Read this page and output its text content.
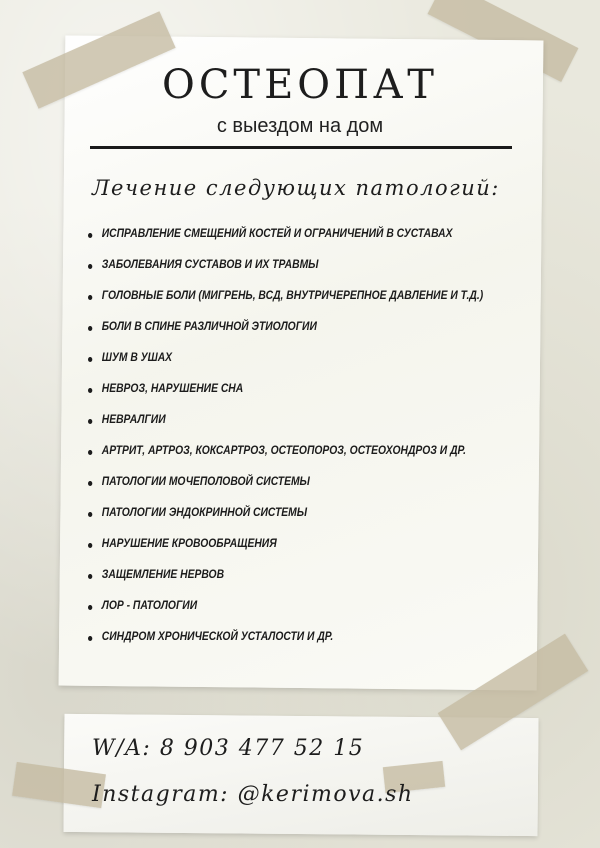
ОСТЕОПАТ
с выездом на дом
Лечение следующих патологий:
ИСПРАВЛЕНИЕ СМЕЩЕНИЙ КОСТЕЙ И ОГРАНИЧЕНИЙ В СУСТАВАХ
ЗАБОЛЕВАНИЯ СУСТАВОВ И ИХ ТРАВМЫ
ГОЛОВНЫЕ БОЛИ (МИГРЕНЬ, ВСД, ВНУТРИЧЕРЕПНОЕ ДАВЛЕНИЕ И Т.Д.)
БОЛИ В СПИНЕ РАЗЛИЧНОЙ ЭТИОЛОГИИ
ШУМ В УШАХ
НЕВРОЗ, НАРУШЕНИЕ СНА
НЕВРАЛГИИ
АРТРИТ, АРТРОЗ, КОКСАРТРОЗ, ОСТЕОПОРОЗ, ОСТЕОХОНДРОЗ И ДР.
ПАТОЛОГИИ МОЧЕПОЛОВОЙ СИСТЕМЫ
ПАТОЛОГИИ ЭНДОКРИННОЙ СИСТЕМЫ
НАРУШЕНИЕ КРОВООБРАЩЕНИЯ
ЗАЩЕМЛЕНИЕ НЕРВОВ
ЛОР - ПАТОЛОГИИ
СИНДРОМ ХРОНИЧЕСКОЙ УСТАЛОСТИ И ДР.
W/A: 8 903 477 52 15
Instagram: @kerimova.sh
